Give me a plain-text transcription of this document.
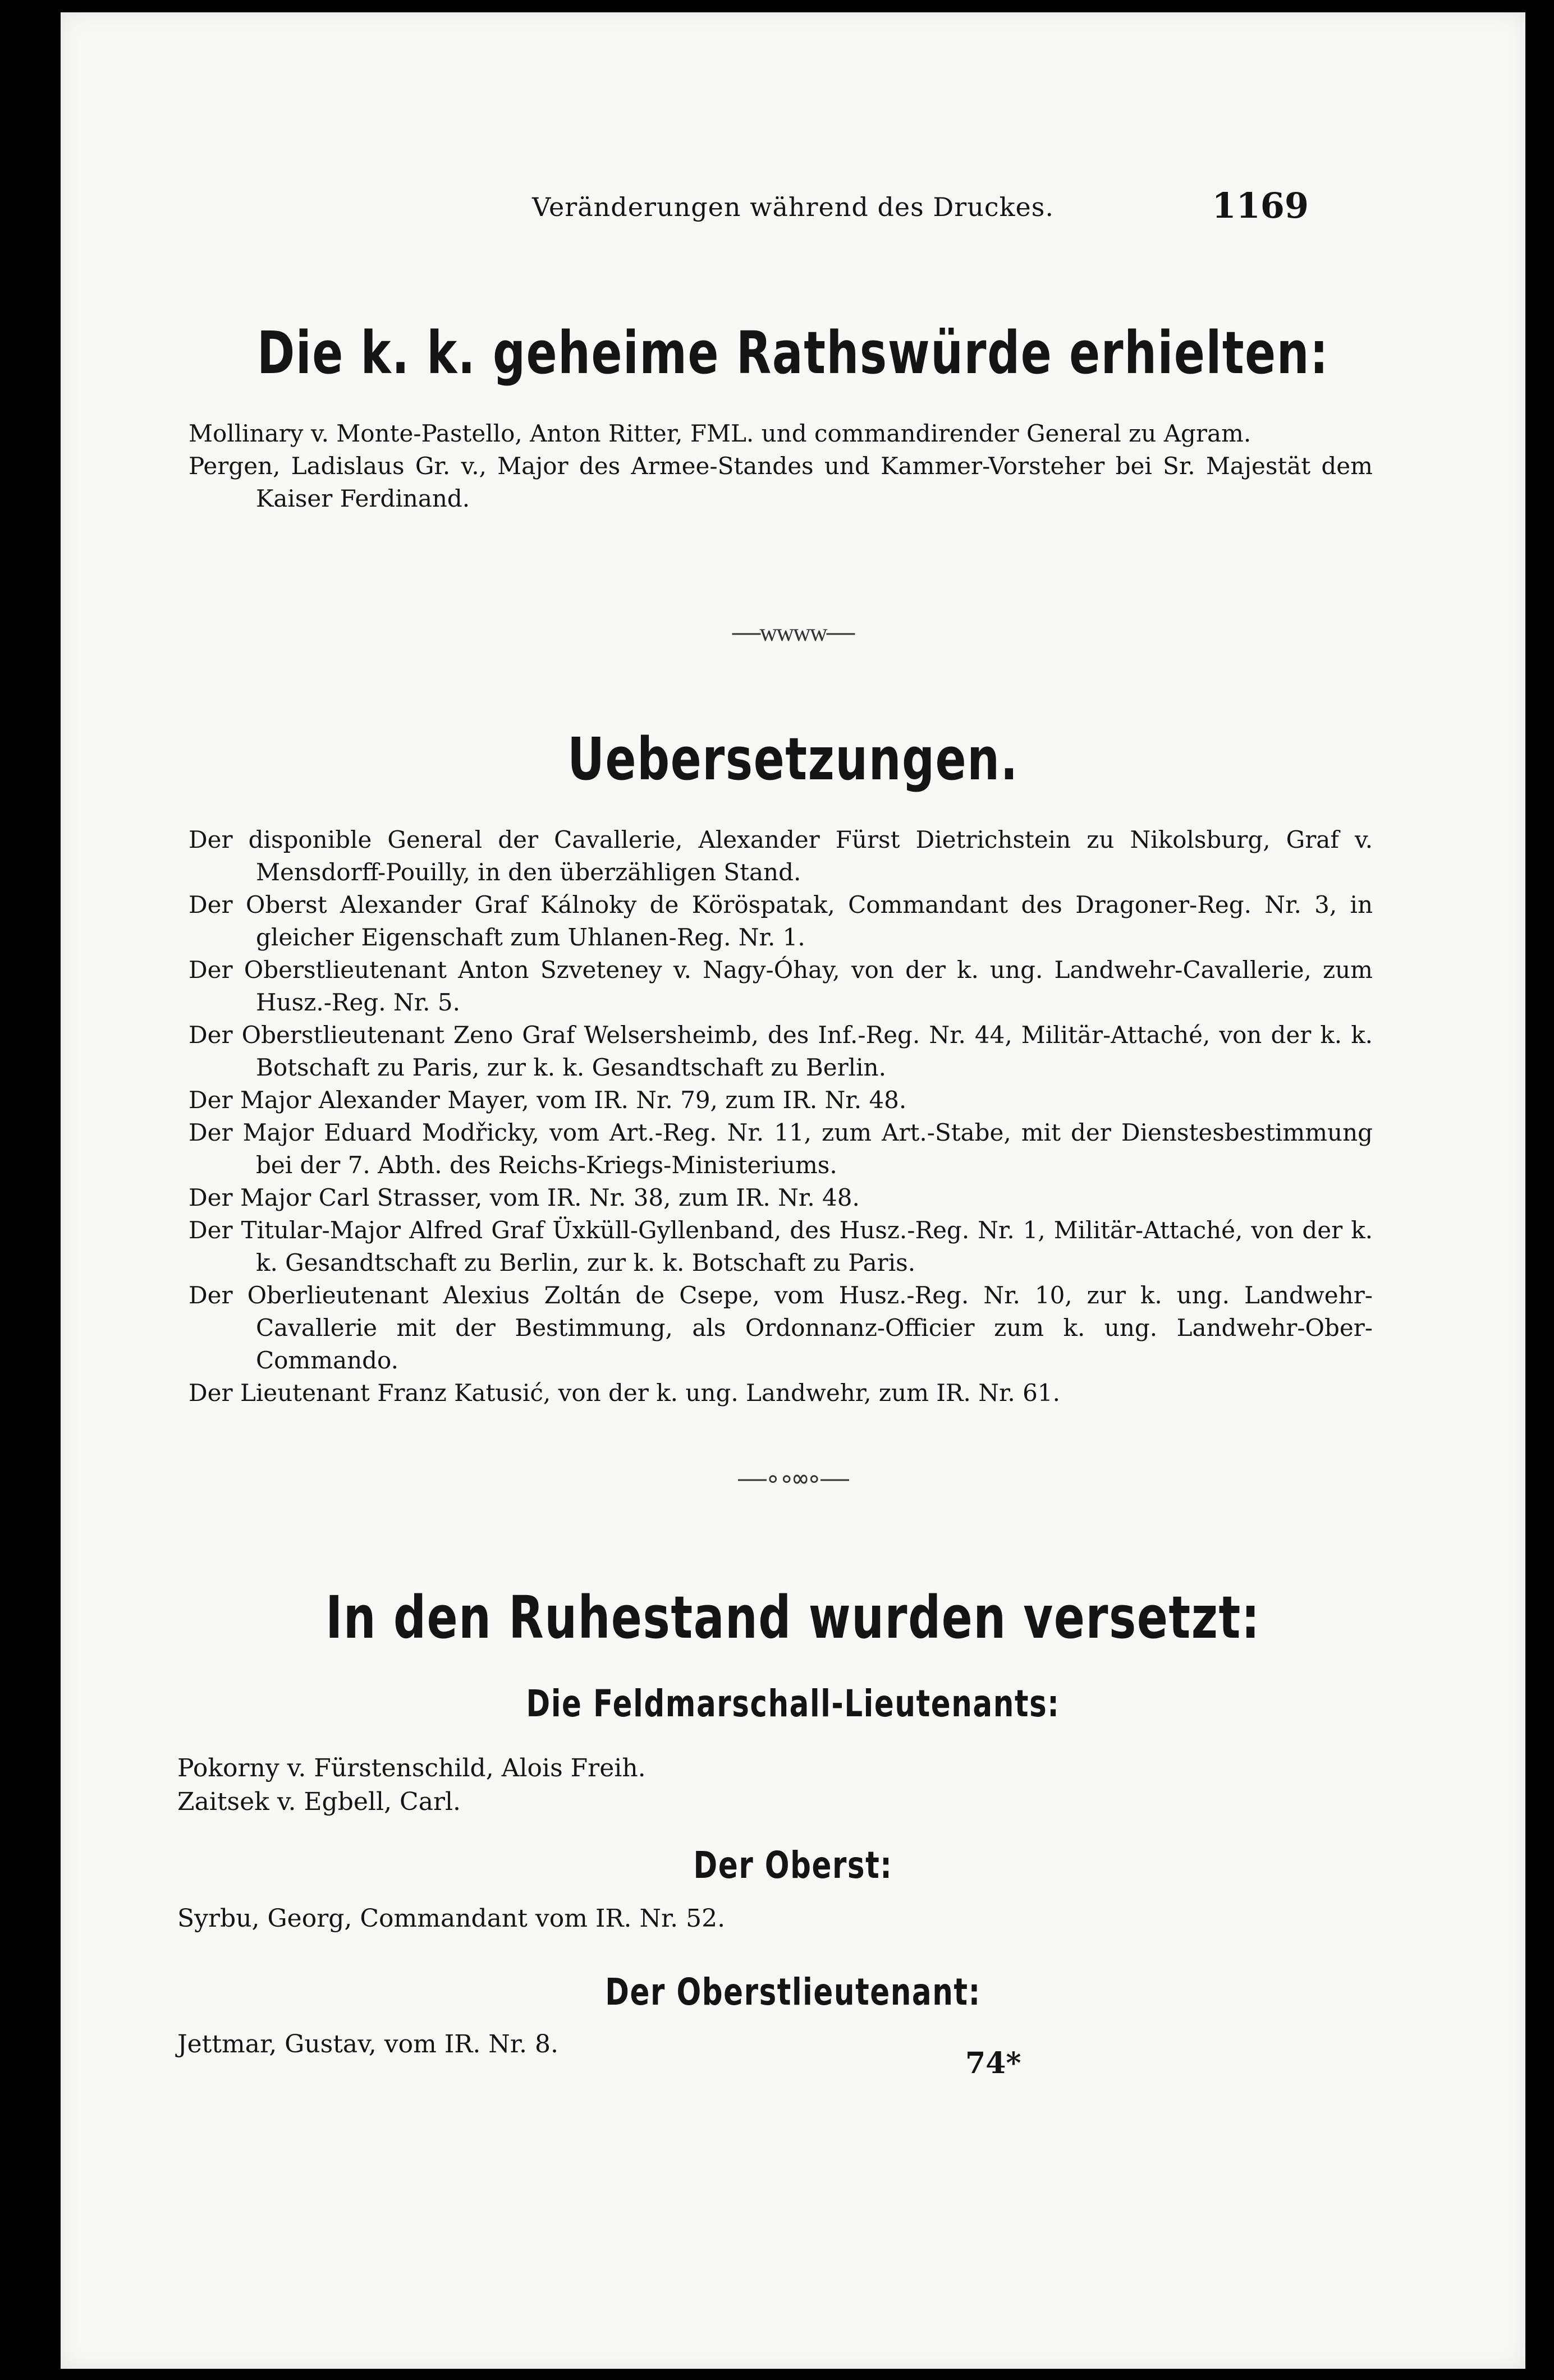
Veränderungen während des Druckes.	1169
Die k. k. geheime Rathswürde erhielten:

Mollinary v. Monte-Pastello, Anton Ritter, FML. und commandirender General zu Agram.

Pergen, Ladislaus Gr. v., Major des Armee-Standes und Kammer-Vorsteher bei Sr. Majestät dem Kaiser Ferdinand.

——ᴡᴡᴡᴡ——
Uebersetzungen.

Der disponible General der Cavallerie, Alexander Fürst Dietrichstein zu Nikolsburg, Graf v. Mensdorff-Pouilly, in den überzähligen Stand.

Der Oberst Alexander Graf Kálnoky de Köröspatak, Commandant des Dragoner-Reg. Nr. 3, in gleicher Eigenschaft zum Uhlanen-Reg. Nr. 1.

Der Oberstlieutenant Anton Szveteney v. Nagy-Óhay, von der k. ung. Landwehr-Cavallerie, zum Husz.-Reg. Nr. 5.

Der Oberstlieutenant Zeno Graf Welsersheimb, des Inf.-Reg. Nr. 44, Militär-Attaché, von der k. k. Botschaft zu Paris, zur k. k. Gesandtschaft zu Berlin.

Der Major Alexander Mayer, vom IR. Nr. 79, zum IR. Nr. 48.

Der Major Eduard Modřicky, vom Art.-Reg. Nr. 11, zum Art.-Stabe, mit der Dienstesbestimmung bei der 7. Abth. des Reichs-Kriegs-Ministeriums.

Der Major Carl Strasser, vom IR. Nr. 38, zum IR. Nr. 48.

Der Titular-Major Alfred Graf Üxküll-Gyllenband, des Husz.-Reg. Nr. 1, Militär-Attaché, von der k. k. Gesandtschaft zu Berlin, zur k. k. Botschaft zu Paris.

Der Oberlieutenant Alexius Zoltán de Csepe, vom Husz.-Reg. Nr. 10, zur k. ung. Landwehr-Cavallerie mit der Bestimmung, als Ordonnanz-Officier zum k. ung. Landwehr-Ober-Commando.

Der Lieutenant Franz Katusić, von der k. ung. Landwehr, zum IR. Nr. 61.

——∘∘∞∘——
In den Ruhestand wurden versetzt:
Die Feldmarschall-Lieutenants:
Pokorny v. Fürstenschild, Alois Freih.
Zaitsek v. Egbell, Carl.
Der Oberst:
Syrbu, Georg, Commandant vom IR. Nr. 52.
Der Oberstlieutenant:
Jettmar, Gustav, vom IR. Nr. 8.
74*
